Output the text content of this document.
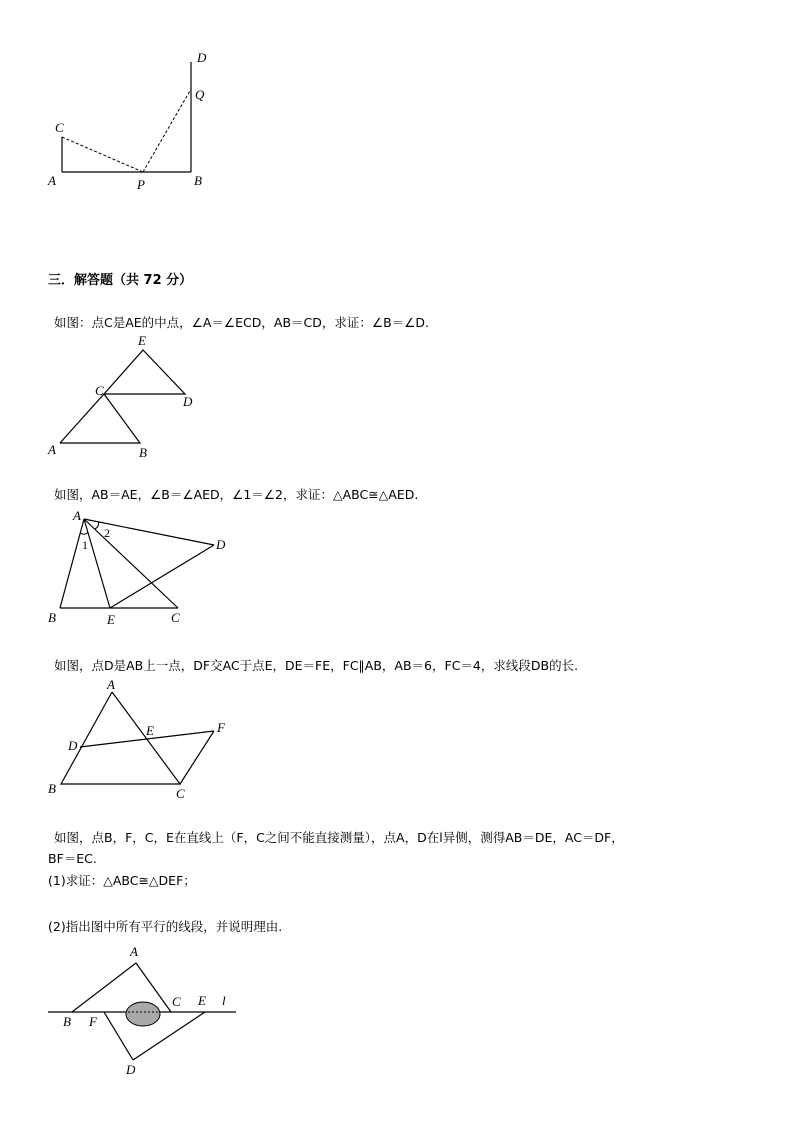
D
Q
C
A	P	B
三．解答题（共 72 分）
如图：点C是AE的中点，∠A＝∠ECD，AB＝CD，求证：∠B＝∠D.
E
C
D
A	B
如图，AB＝AE，∠B＝∠AED，∠1＝∠2，求证：△ABC≅△AED.
A
1
2
D
B	E	C
如图，点D是AB上一点，DF交AC于点E，DE＝FE，FC∥AB，AB＝6，FC＝4，求线段DB的长.
A
E	F
D
B	C
如图，点B，F，C，E在直线上（F，C之间不能直接测量），点A，D在l异侧，测得AB＝DE，AC＝DF，
BF＝EC.
(1)求证：△ABC≅△DEF；
(2)指出图中所有平行的线段，并说明理由.
A
C E l
B F
D
